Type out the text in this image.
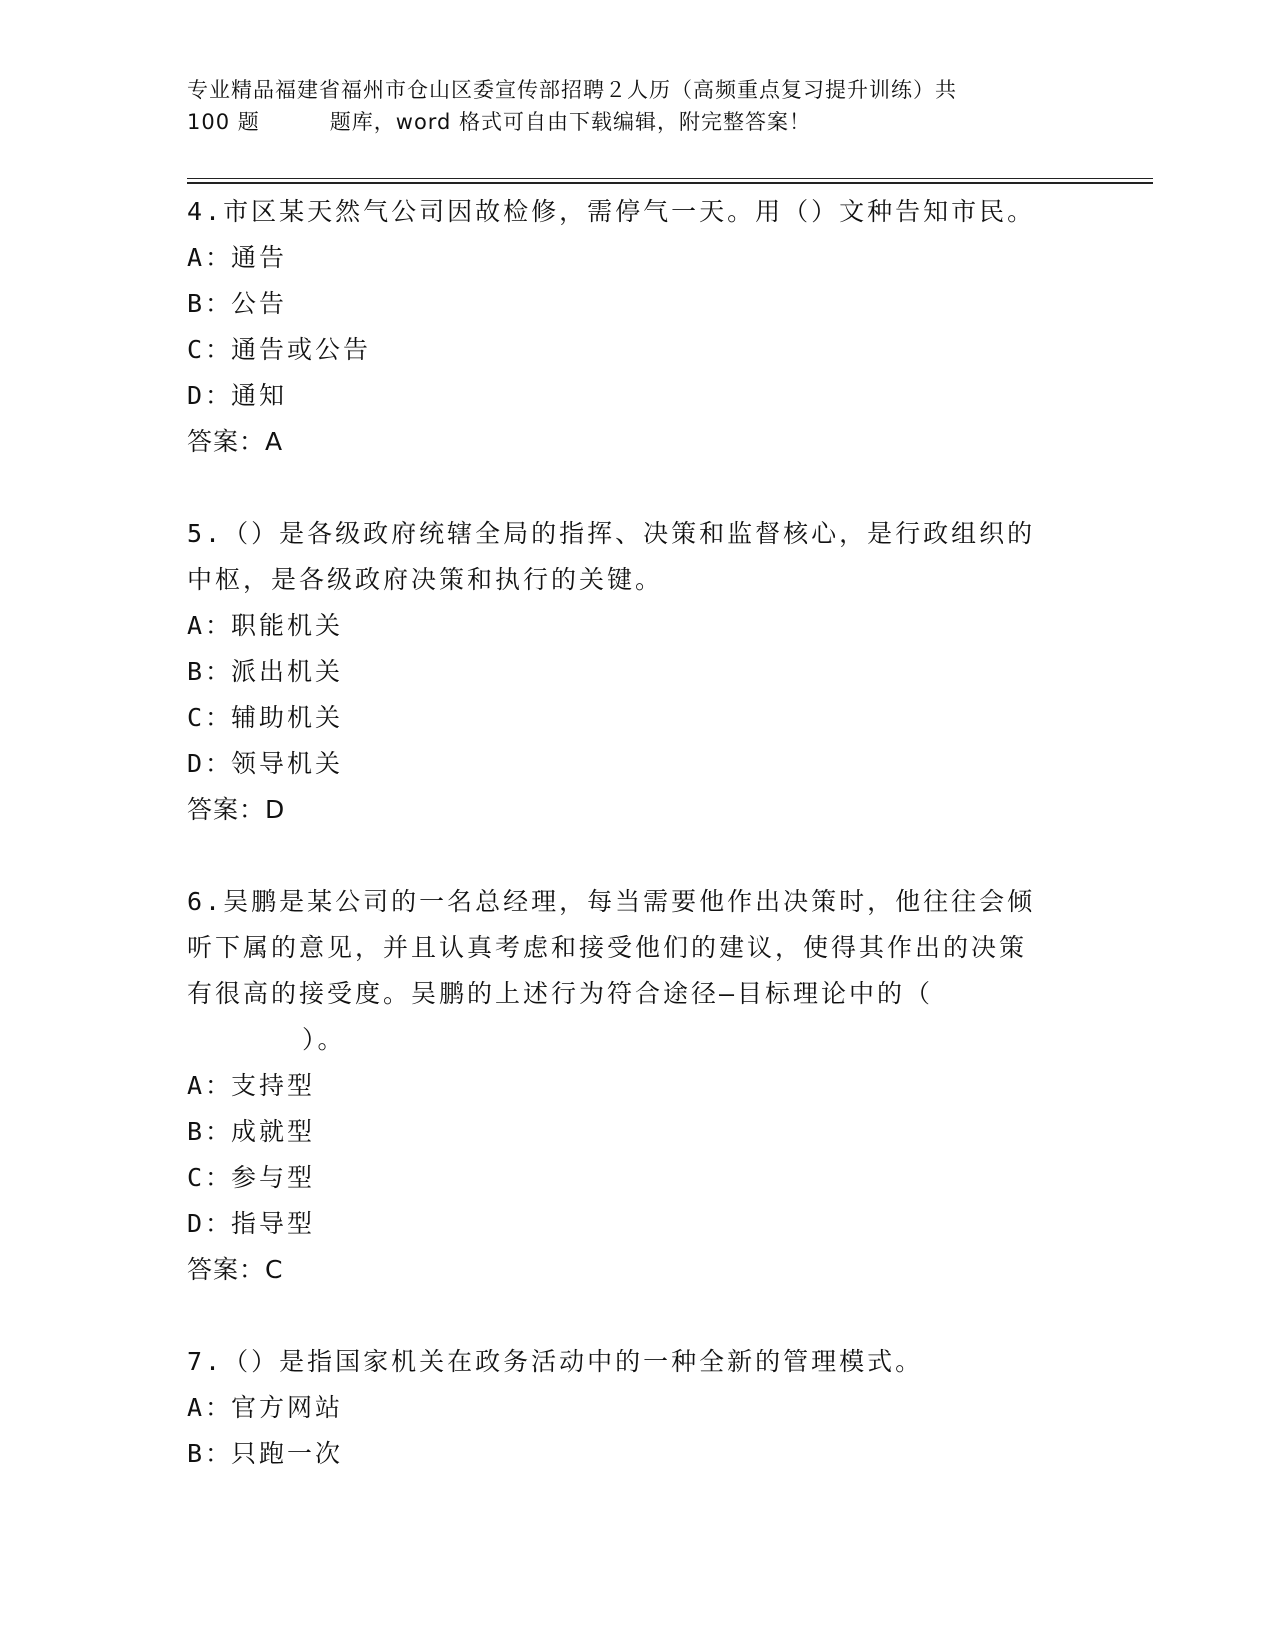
专业精品福建省福州市仓山区委宣传部招聘２人历（高频重点复习提升训练）共
100 题	题库，word 格式可自由下载编辑，附完整答案！
4.市区某天然气公司因故检修，需停气一天。用（）文种告知市民。
A：通告
B：公告
C：通告或公告
D：通知
答案：A
5.（）是各级政府统辖全局的指挥、决策和监督核心，是行政组织的
中枢，是各级政府决策和执行的关键。
A：职能机关
B：派出机关
C：辅助机关
D：领导机关
答案：D
6.吴鹏是某公司的一名总经理，每当需要他作出决策时，他往往会倾
听下属的意见，并且认真考虑和接受他们的建议，使得其作出的决策
有很高的接受度。吴鹏的上述行为符合途径—目标理论中的（
）。
A：支持型
B：成就型
C：参与型
D：指导型
答案：C
7.（）是指国家机关在政务活动中的一种全新的管理模式。
A：官方网站
B：只跑一次
